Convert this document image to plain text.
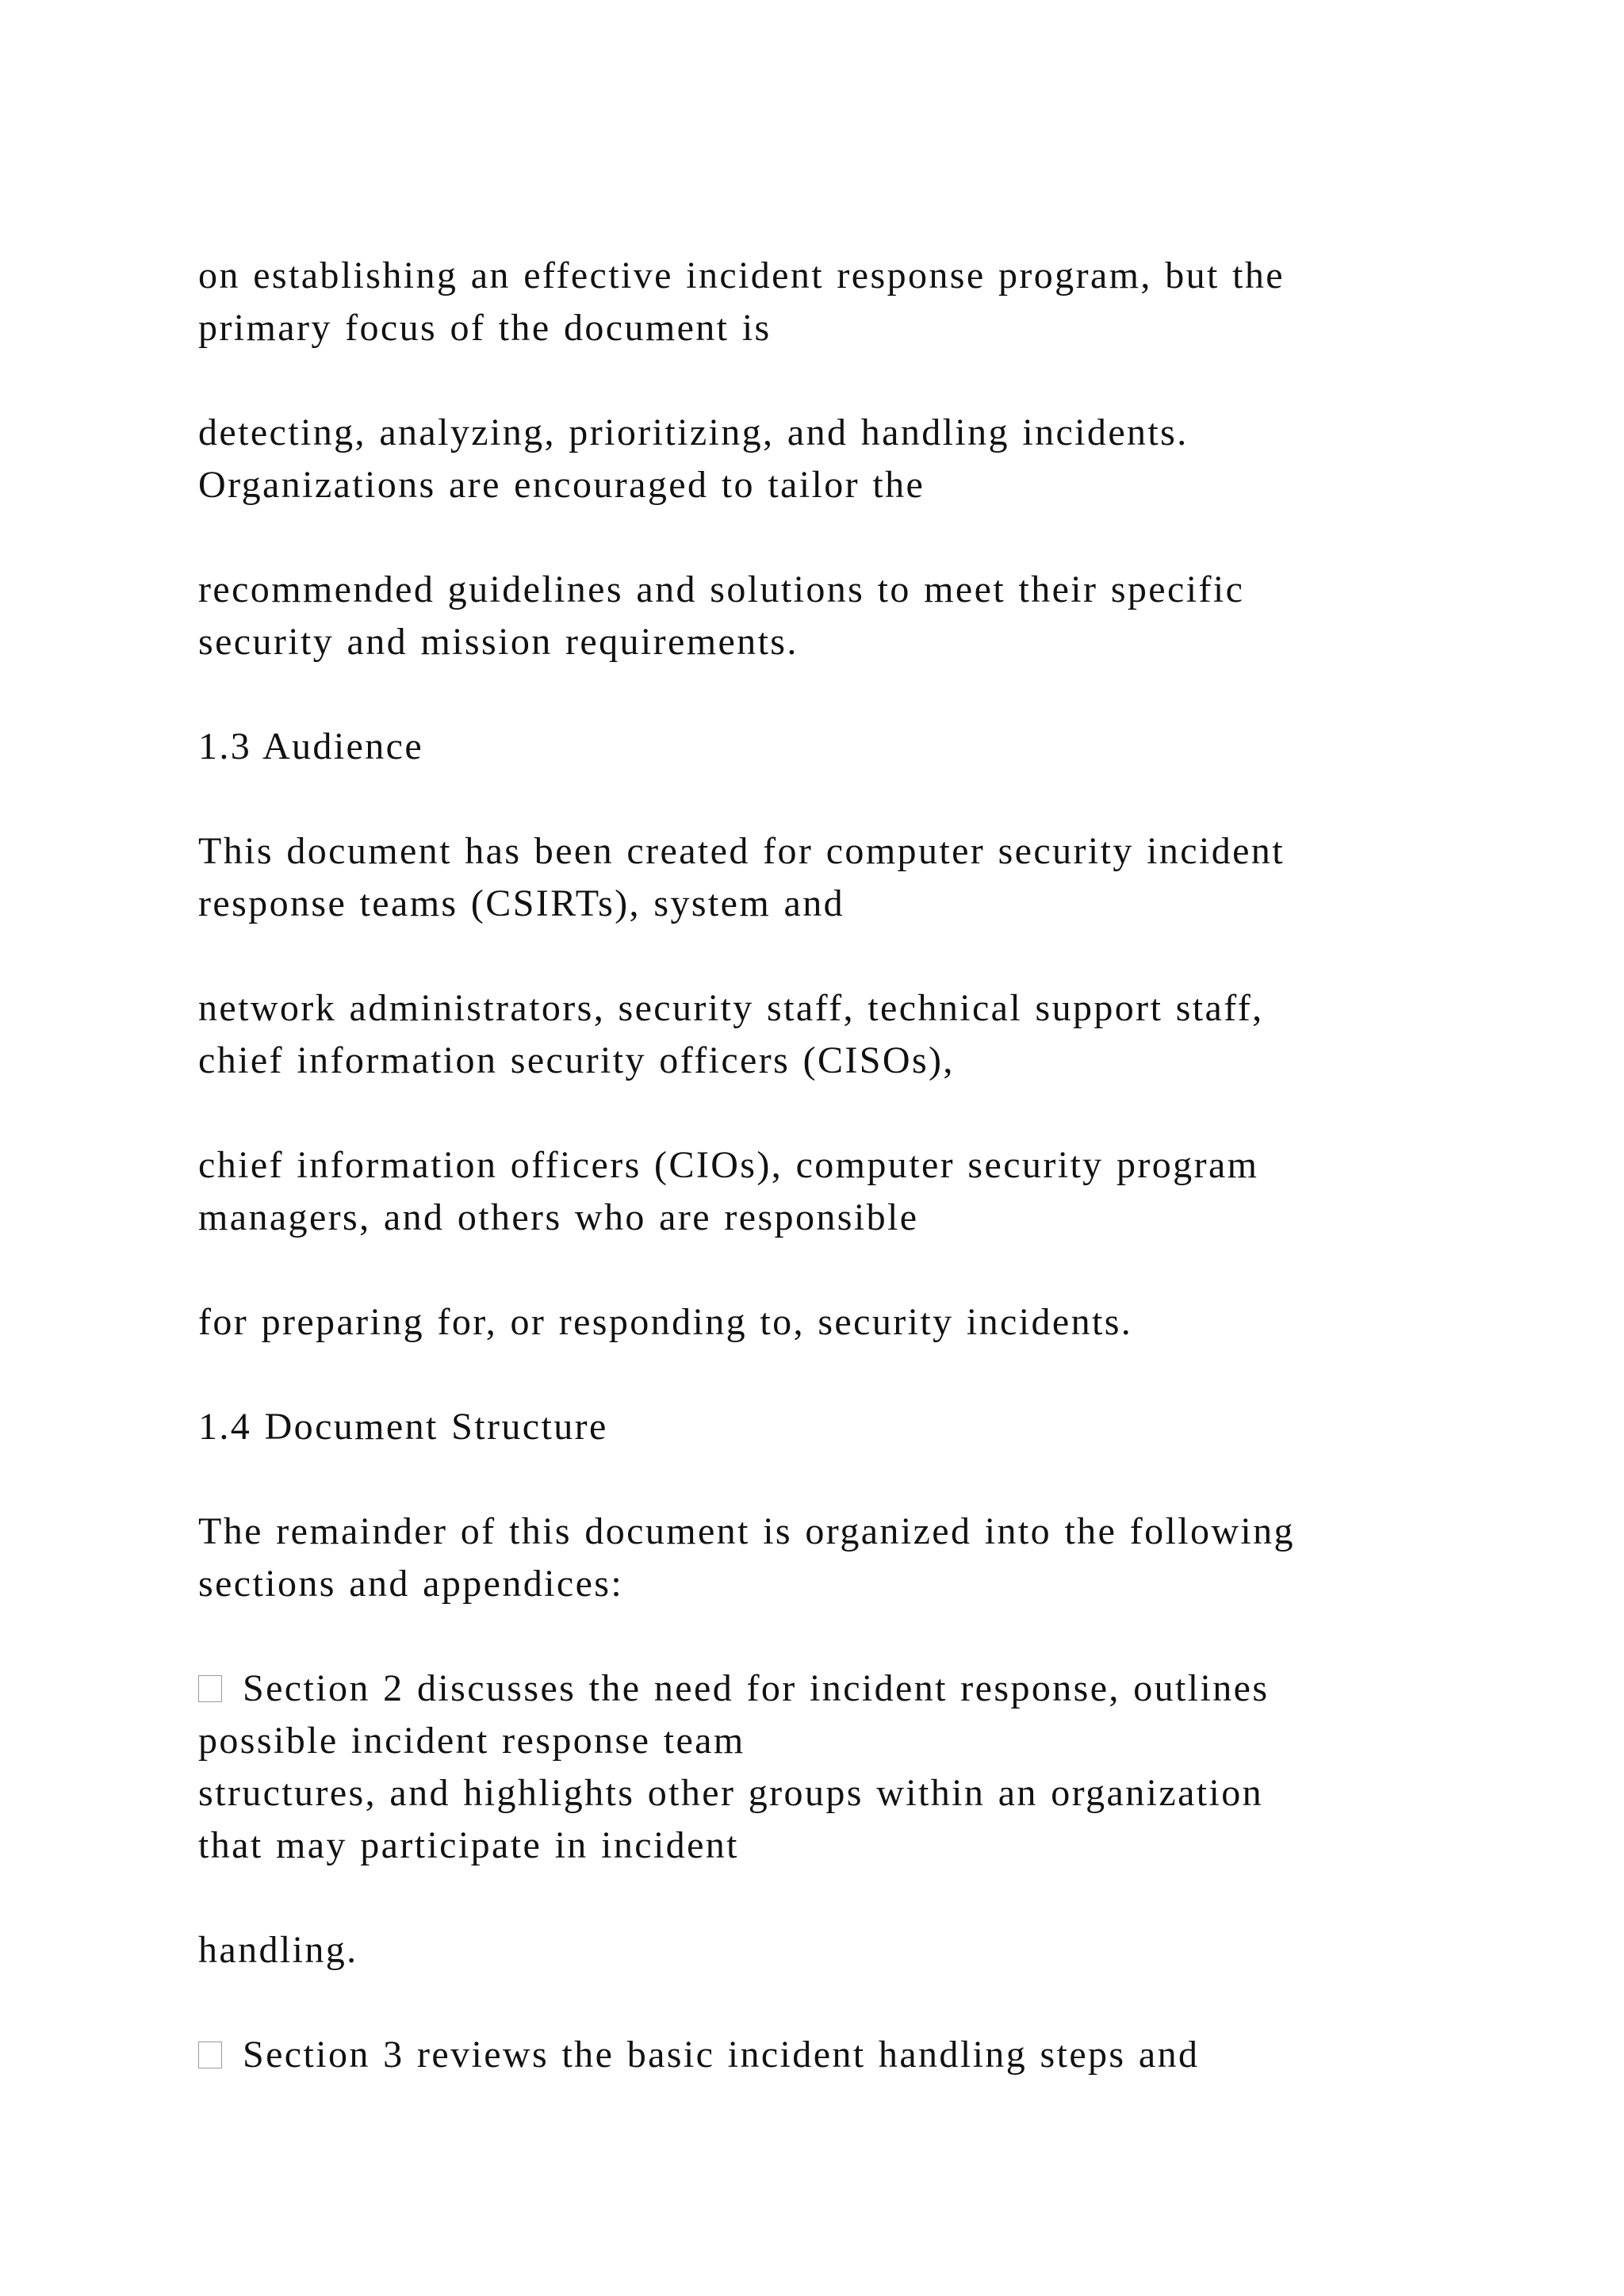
on establishing an effective incident response program, but the
primary focus of the document is

detecting, analyzing, prioritizing, and handling incidents.
Organizations are encouraged to tailor the

recommended guidelines and solutions to meet their specific
security and mission requirements.

1.3 Audience

This document has been created for computer security incident
response teams (CSIRTs), system and

network administrators, security staff, technical support staff,
chief information security officers (CISOs),

chief information officers (CIOs), computer security program
managers, and others who are responsible

for preparing for, or responding to, security incidents.

1.4 Document Structure

The remainder of this document is organized into the following
sections and appendices:

Section 2 discusses the need for incident response, outlines
possible incident response team
structures, and highlights other groups within an organization
that may participate in incident

handling.

Section 3 reviews the basic incident handling steps and
